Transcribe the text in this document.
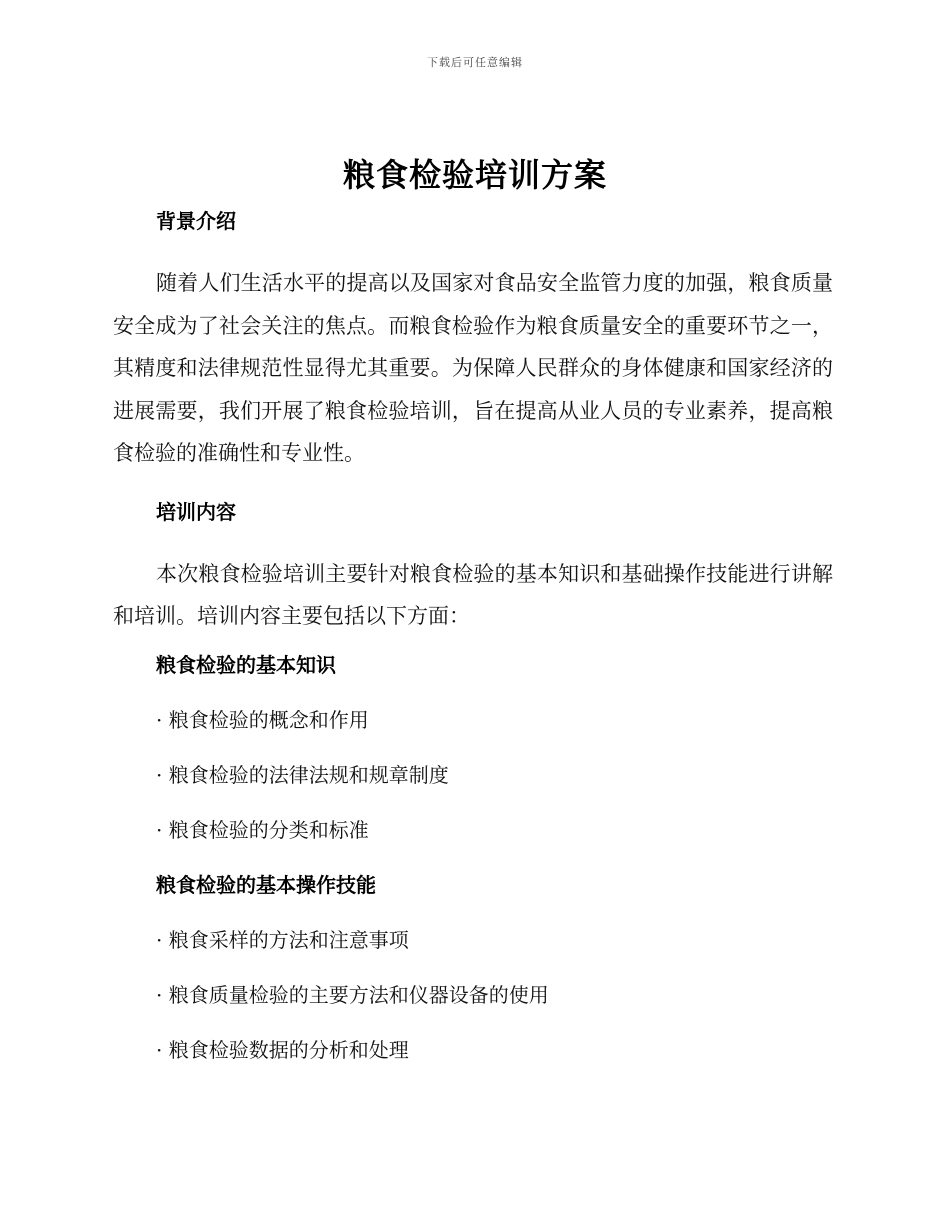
下载后可任意编辑
粮食检验培训方案
背景介绍

随着人们生活水平的提高以及国家对食品安全监管力度的加强，粮食质量安全成为了社会关注的焦点。而粮食检验作为粮食质量安全的重要环节之一，其精度和法律规范性显得尤其重要。为保障人民群众的身体健康和国家经济的进展需要，我们开展了粮食检验培训，旨在提高从业人员的专业素养，提高粮食检验的准确性和专业性。

培训内容

本次粮食检验培训主要针对粮食检验的基本知识和基础操作技能进行讲解和培训。培训内容主要包括以下方面：

粮食检验的基本知识

· 粮食检验的概念和作用

· 粮食检验的法律法规和规章制度

· 粮食检验的分类和标准

粮食检验的基本操作技能

· 粮食采样的方法和注意事项

· 粮食质量检验的主要方法和仪器设备的使用

· 粮食检验数据的分析和处理
